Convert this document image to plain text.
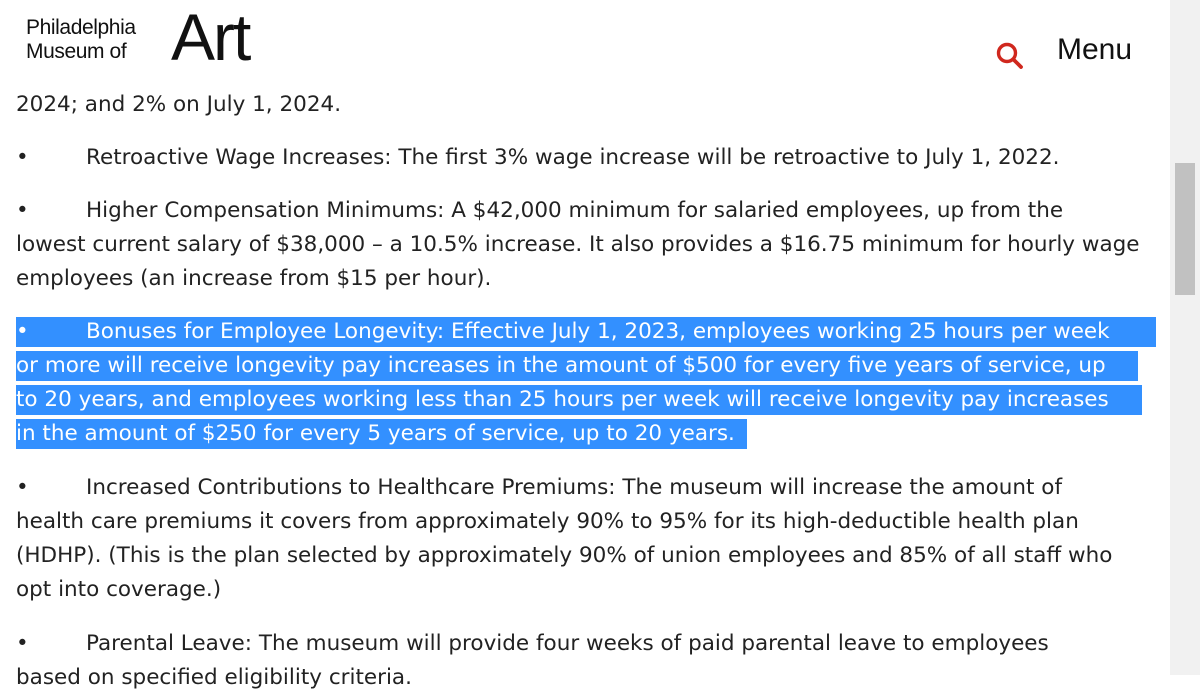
Philadelphia
Museum of Art	Menu
2024; and 2% on July 1, 2024.
•	Retroactive Wage Increases: The first 3% wage increase will be retroactive to July 1, 2022.
•	Higher Compensation Minimums: A $42,000 minimum for salaried employees, up from the
lowest current salary of $38,000 – a 10.5% increase. It also provides a $16.75 minimum for hourly wage
employees (an increase from $15 per hour).
•	Bonuses for Employee Longevity: Effective July 1, 2023, employees working 25 hours per week
or more will receive longevity pay increases in the amount of $500 for every five years of service, up
to 20 years, and employees working less than 25 hours per week will receive longevity pay increases
in the amount of $250 for every 5 years of service, up to 20 years.
•	Increased Contributions to Healthcare Premiums: The museum will increase the amount of
health care premiums it covers from approximately 90% to 95% for its high-deductible health plan
(HDHP). (This is the plan selected by approximately 90% of union employees and 85% of all staff who
opt into coverage.)
•	Parental Leave: The museum will provide four weeks of paid parental leave to employees
based on specified eligibility criteria.
